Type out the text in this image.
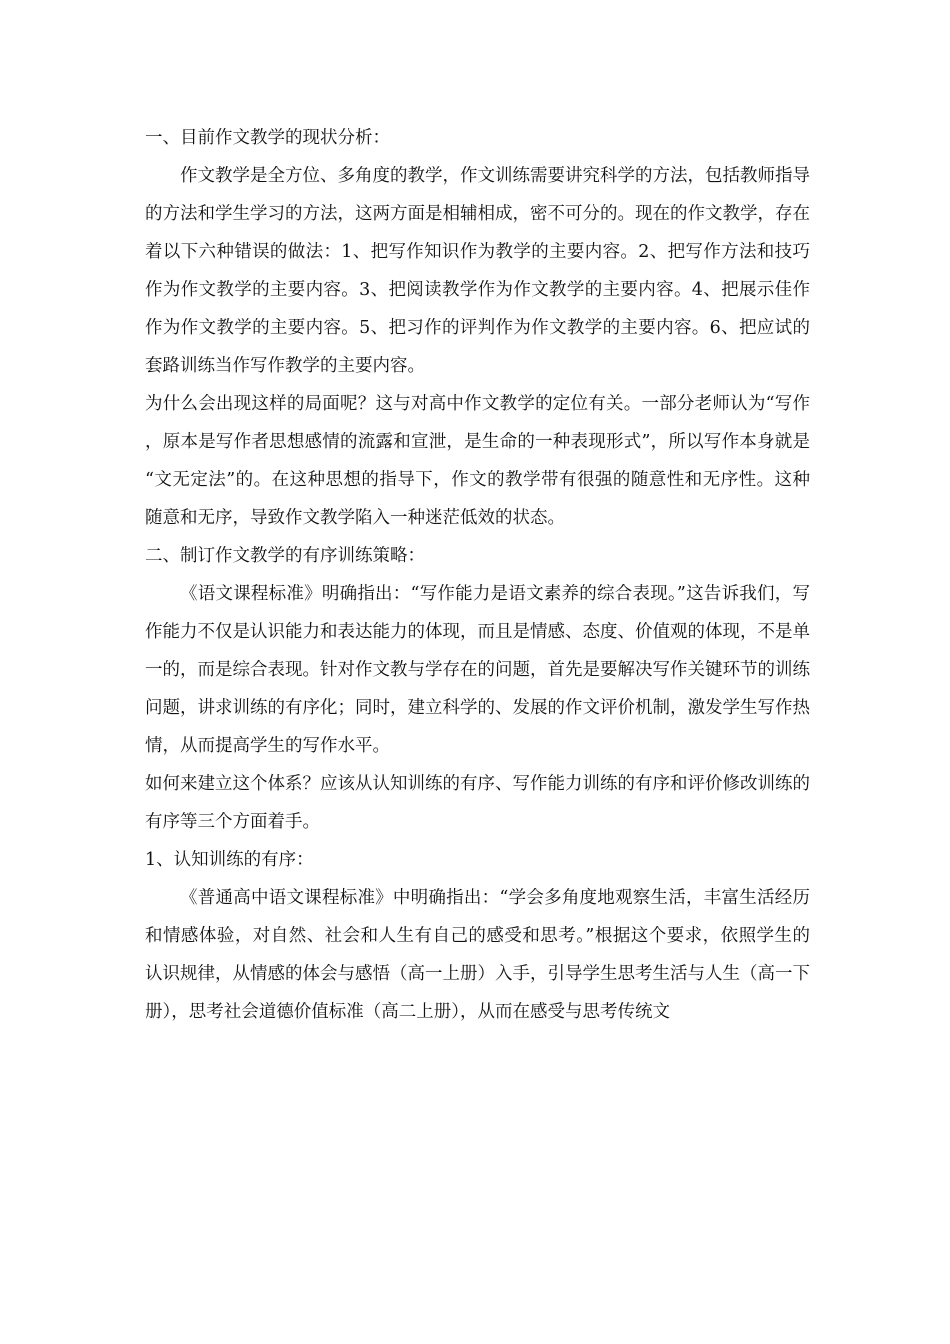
一、目前作文教学的现状分析：

作文教学是全方位、多角度的教学，作文训练需要讲究科学的方法，包括教师指导的方法和学生学习的方法，这两方面是相辅相成，密不可分的。现在的作文教学，存在着以下六种错误的做法：1、把写作知识作为教学的主要内容。2、把写作方法和技巧作为作文教学的主要内容。3、把阅读教学作为作文教学的主要内容。4、把展示佳作作为作文教学的主要内容。5、把习作的评判作为作文教学的主要内容。6、把应试的套路训练当作写作教学的主要内容。

为什么会出现这样的局面呢？这与对高中作文教学的定位有关。一部分老师认为“写作，原本是写作者思想感情的流露和宣泄，是生命的一种表现形式”，所以写作本身就是“文无定法”的。在这种思想的指导下，作文的教学带有很强的随意性和无序性。这种随意和无序，导致作文教学陷入一种迷茫低效的状态。

二、制订作文教学的有序训练策略：

《语文课程标准》明确指出：“写作能力是语文素养的综合表现。”这告诉我们，写作能力不仅是认识能力和表达能力的体现，而且是情感、态度、价值观的体现，不是单一的，而是综合表现。针对作文教与学存在的问题，首先是要解决写作关键环节的训练问题，讲求训练的有序化；同时，建立科学的、发展的作文评价机制，激发学生写作热情，从而提高学生的写作水平。

如何来建立这个体系？应该从认知训练的有序、写作能力训练的有序和评价修改训练的有序等三个方面着手。

1、认知训练的有序：

《普通高中语文课程标准》中明确指出：“学会多角度地观察生活，丰富生活经历和情感体验，对自然、社会和人生有自己的感受和思考。”根据这个要求，依照学生的认识规律，从情感的体会与感悟（高一上册）入手，引导学生思考生活与人生（高一下册），思考社会道德价值标准（高二上册），从而在感受与思考传统文
